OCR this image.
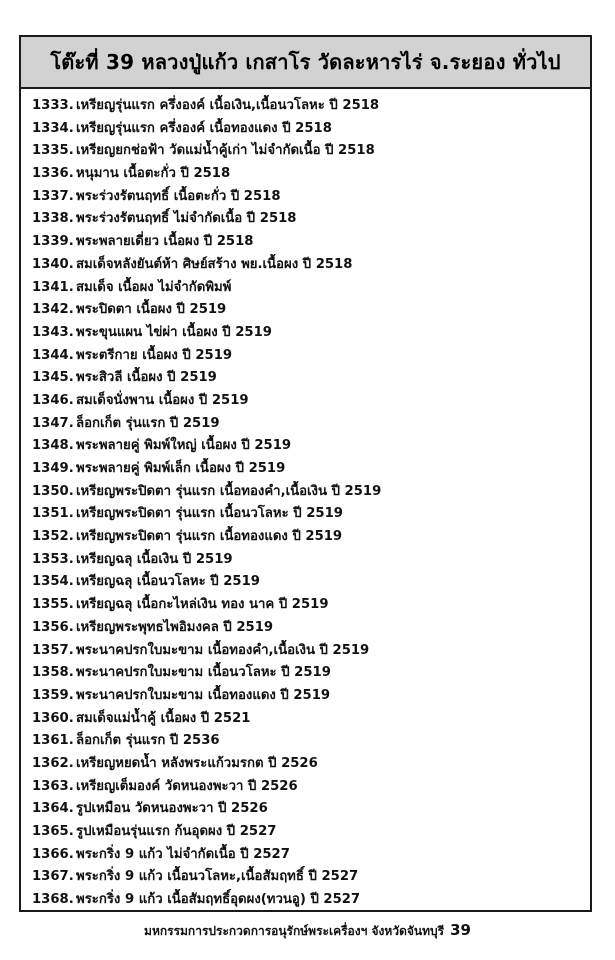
โต๊ะที่ 39 หลวงปู่แก้ว เกสาโร วัดละหารไร่ จ.ระยอง ทั่วไป
1333. เหรียญรุ่นแรก ครึ่งองค์ เนื้อเงิน,เนื้อนวโลหะ ปี 2518
1334. เหรียญรุ่นแรก ครึ่งองค์ เนื้อทองแดง ปี 2518
1335. เหรียญยกช่อฟ้า วัดแม่น้ำคู้เก่า ไม่จำกัดเนื้อ ปี 2518
1336. หนุมาน เนื้อตะกั่ว ปี 2518
1337. พระร่วงรัตนฤทธิ์ เนื้อตะกั่ว ปี 2518
1338. พระร่วงรัตนฤทธิ์ ไม่จำกัดเนื้อ ปี 2518
1339. พระพลายเดี่ยว เนื้อผง ปี 2518
1340. สมเด็จหลังยันต์ห้า ศิษย์สร้าง พย.เนื้อผง ปี 2518
1341. สมเด็จ เนื้อผง ไม่จำกัดพิมพ์
1342. พระปิดตา เนื้อผง ปี 2519
1343. พระขุนแผน ไข่ผ่า เนื้อผง ปี 2519
1344. พระตรีกาย เนื้อผง ปี 2519
1345. พระสิวลี เนื้อผง ปี 2519
1346. สมเด็จนั่งพาน เนื้อผง ปี 2519
1347. ล็อกเก็ต รุ่นแรก ปี 2519
1348. พระพลายคู่ พิมพ์ใหญ่ เนื้อผง ปี 2519
1349. พระพลายคู่ พิมพ์เล็ก เนื้อผง ปี 2519
1350. เหรียญพระปิดตา รุ่นแรก เนื้อทองคำ,เนื้อเงิน ปี 2519
1351. เหรียญพระปิดตา รุ่นแรก เนื้อนวโลหะ ปี 2519
1352. เหรียญพระปิดตา รุ่นแรก เนื้อทองแดง ปี 2519
1353. เหรียญฉลุ เนื้อเงิน ปี 2519
1354. เหรียญฉลุ เนื้อนวโลหะ ปี 2519
1355. เหรียญฉลุ เนื้อกะไหล่เงิน ทอง นาค ปี 2519
1356. เหรียญพระพุทธไพอิมงคล ปี 2519
1357. พระนาคปรกใบมะขาม เนื้อทองคำ,เนื้อเงิน ปี 2519
1358. พระนาคปรกใบมะขาม เนื้อนวโลหะ ปี 2519
1359. พระนาคปรกใบมะขาม เนื้อทองแดง ปี 2519
1360. สมเด็จแม่น้ำคู้ เนื้อผง ปี 2521
1361. ล็อกเก็ต รุ่นแรก ปี 2536
1362. เหรียญหยดน้ำ หลังพระแก้วมรกต ปี 2526
1363. เหรียญเต็มองค์ วัดหนองพะวา ปี 2526
1364. รูปเหมือน วัดหนองพะวา ปี 2526
1365. รูปเหมือนรุ่นแรก ก้นอุดผง ปี 2527
1366. พระกริ่ง 9 แก้ว ไม่จำกัดเนื้อ ปี 2527
1367. พระกริ่ง 9 แก้ว เนื้อนวโลหะ,เนื้อสัมฤทธิ์ ปี 2527
1368. พระกริ่ง 9 แก้ว เนื้อสัมฤทธิ์อุดผง(ทวนอู) ปี 2527
มหกรรมการประกวดการอนุรักษ์พระเครื่องฯ จังหวัดจันทบุรี 39
